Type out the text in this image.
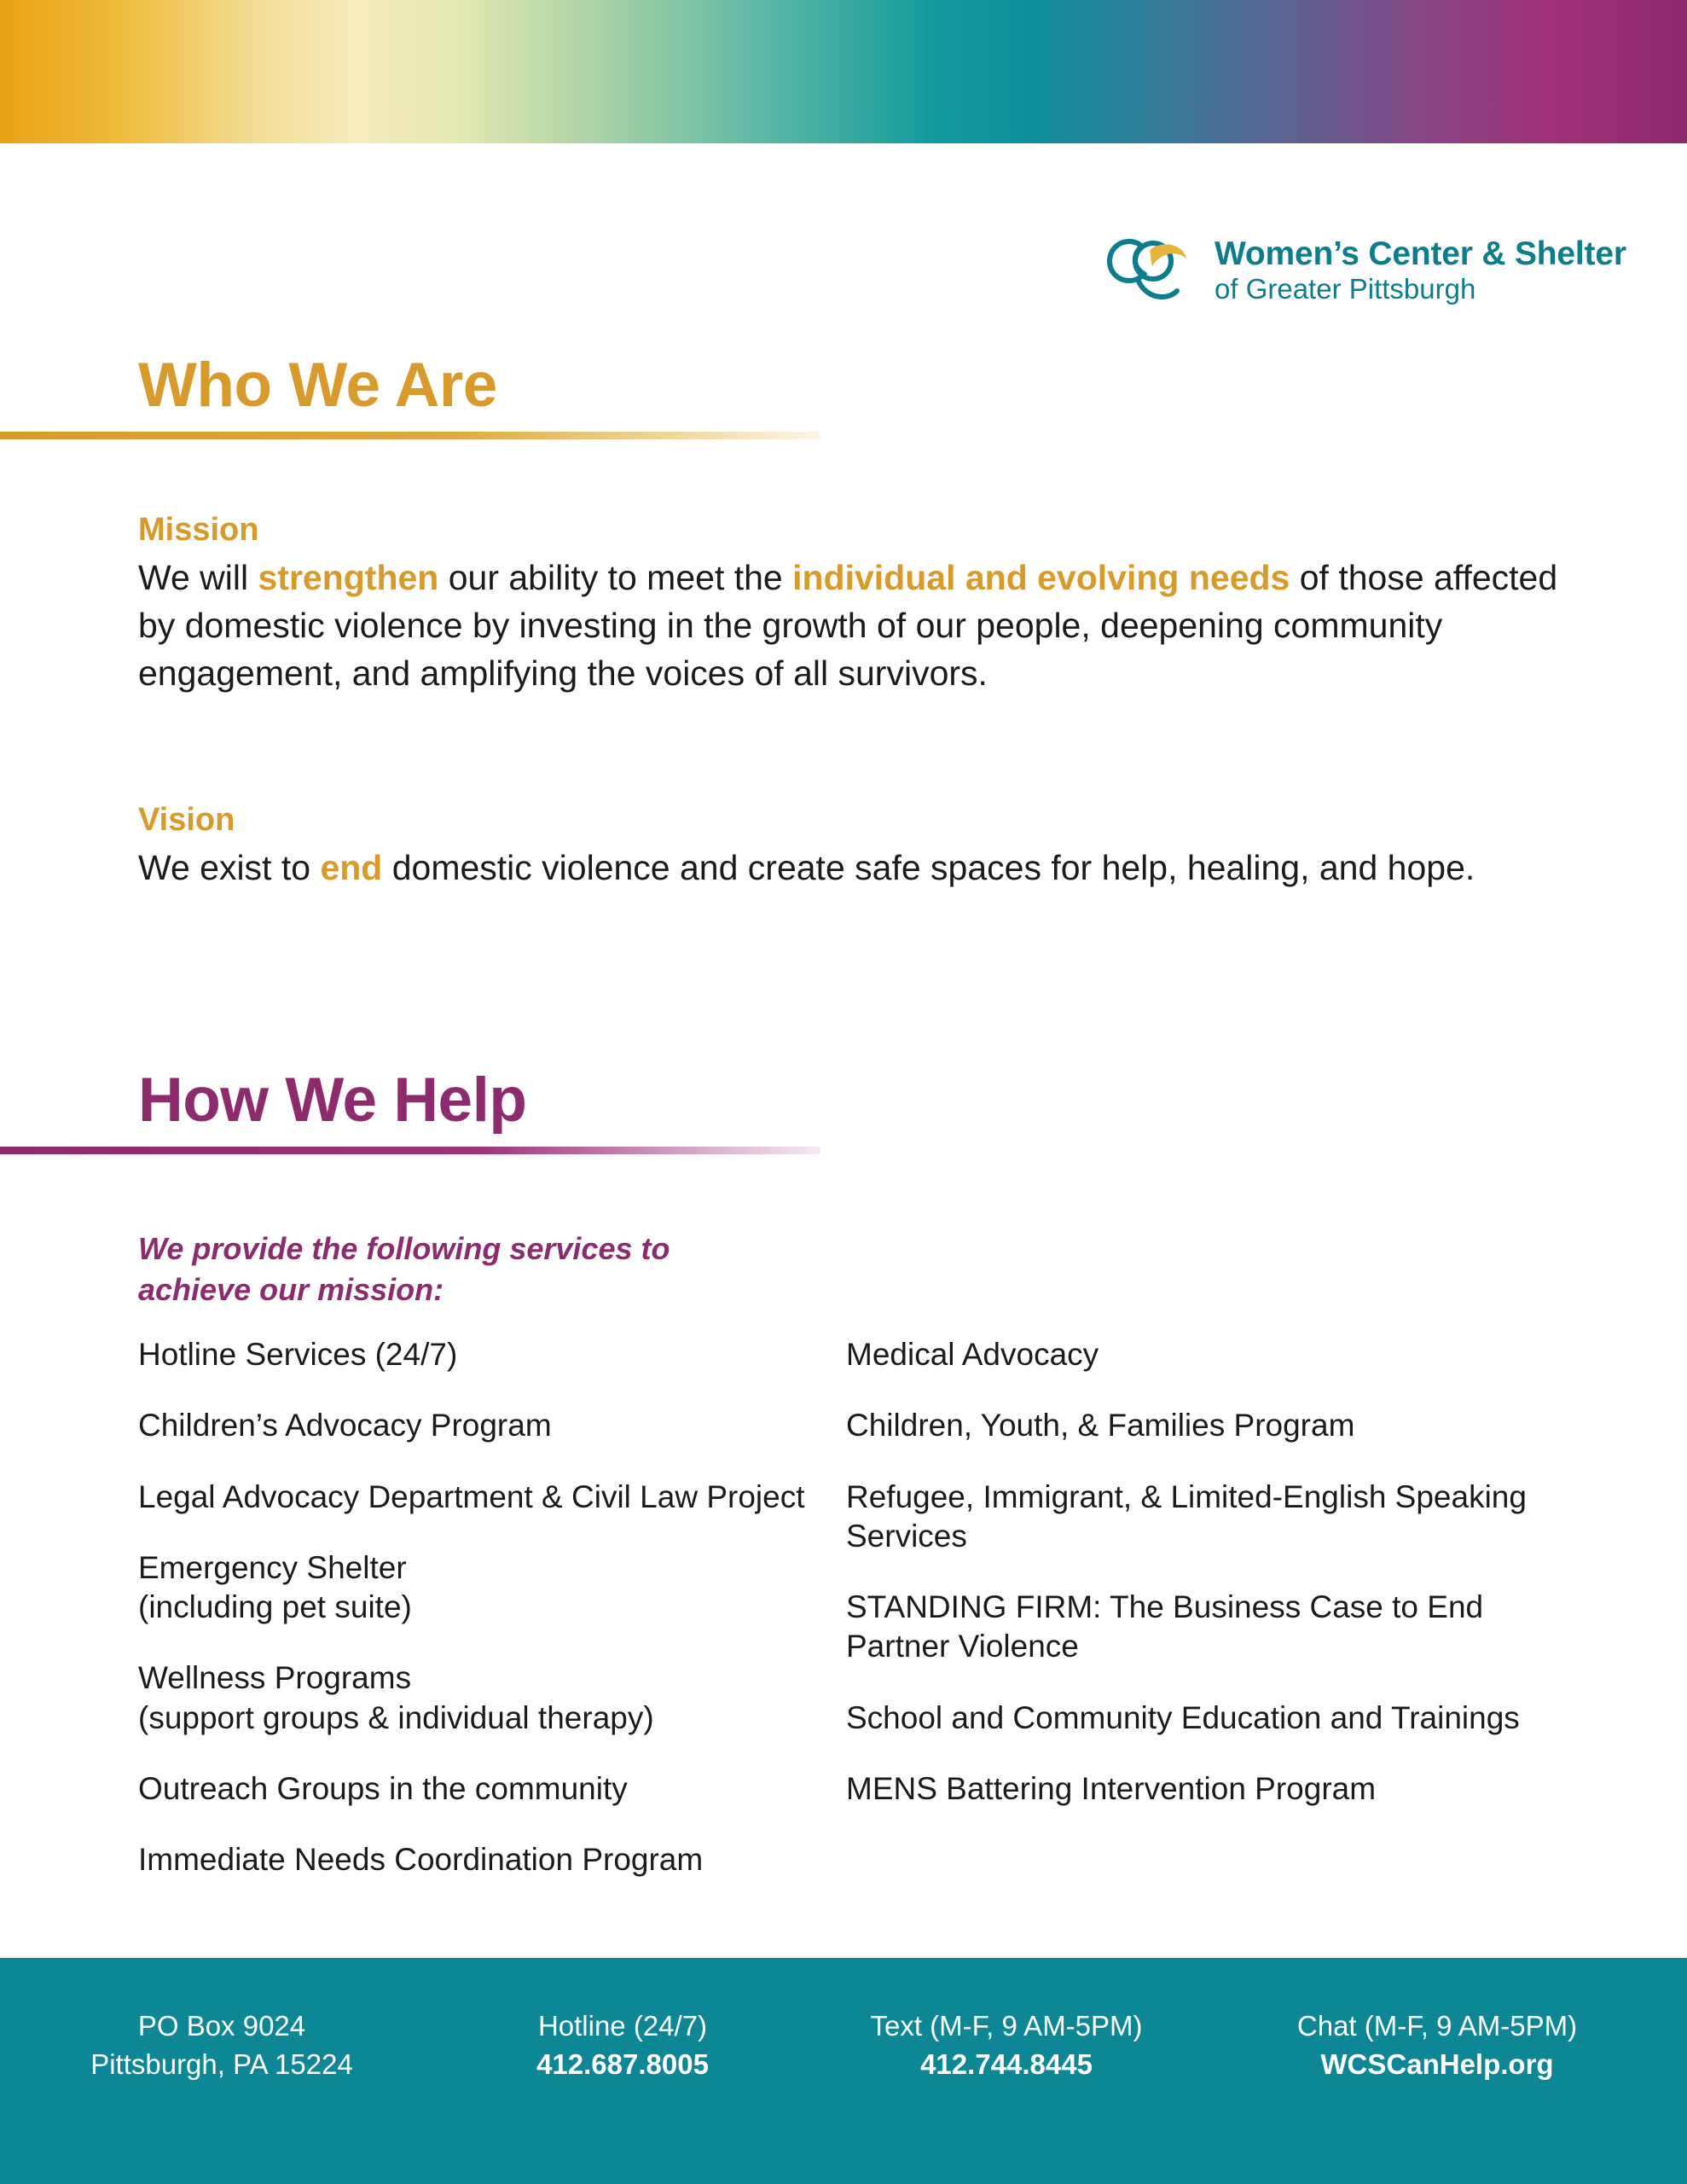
Women’s Center & Shelter
of Greater Pittsburgh
Who We Are
Mission
We will strengthen our ability to meet the individual and evolving needs of those affected by domestic violence by investing in the growth of our people, deepening community engagement, and amplifying the voices of all survivors.
Vision
We exist to end domestic violence and create safe spaces for help, healing, and hope.
How We Help
We provide the following services to achieve our mission:
Hotline Services (24/7)
Children’s Advocacy Program
Legal Advocacy Department & Civil Law Project
Emergency Shelter
(including pet suite)
Wellness Programs
(support groups & individual therapy)
Outreach Groups in the community
Immediate Needs Coordination Program
Medical Advocacy
Children, Youth, & Families Program
Refugee, Immigrant, & Limited-English Speaking Services
STANDING FIRM: The Business Case to End Partner Violence
School and Community Education and Trainings
MENS Battering Intervention Program
PO Box 9024
Pittsburgh, PA 15224
Hotline (24/7)
412.687.8005
Text (M-F, 9 AM-5PM)
412.744.8445
Chat (M-F, 9 AM-5PM)
WCSCanHelp.org
